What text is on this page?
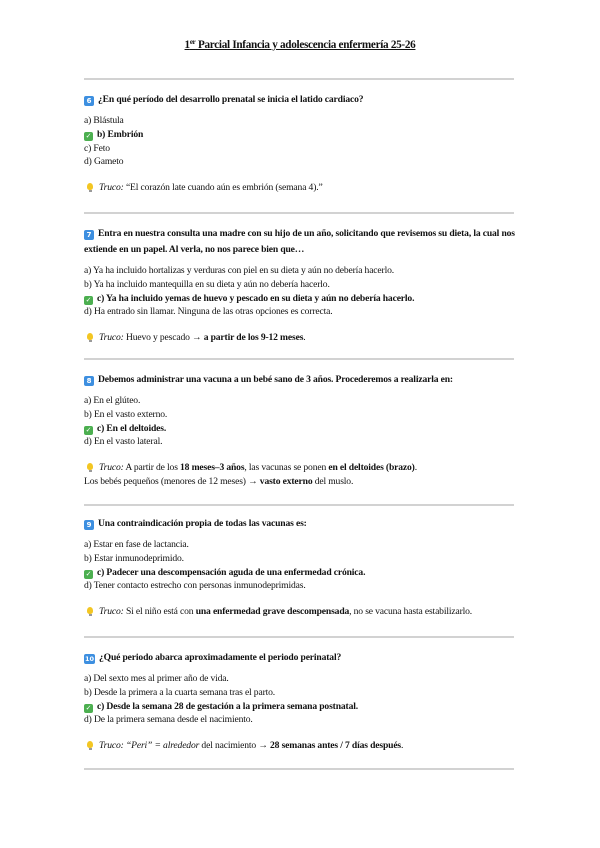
1er Parcial Infancia y adolescencia enfermería 25-26
6 ¿En qué período del desarrollo prenatal se inicia el latido cardiaco?
a) Blástula
✓ b) Embrión
c) Feto
d) Gameto
Truco: “El corazón late cuando aún es embrión (semana 4).”
7 Entra en nuestra consulta una madre con su hijo de un año, solicitando que revisemos su dieta, la cual nos extiende en un papel. Al verla, no nos parece bien que…
a) Ya ha incluido hortalizas y verduras con piel en su dieta y aún no debería hacerlo.
b) Ya ha incluido mantequilla en su dieta y aún no debería hacerlo.
✓ c) Ya ha incluido yemas de huevo y pescado en su dieta y aún no debería hacerlo.
d) Ha entrado sin llamar. Ninguna de las otras opciones es correcta.
Truco: Huevo y pescado → a partir de los 9-12 meses.
8 Debemos administrar una vacuna a un bebé sano de 3 años. Procederemos a realizarla en:
a) En el glúteo.
b) En el vasto externo.
✓ c) En el deltoides.
d) En el vasto lateral.
Truco: A partir de los 18 meses–3 años, las vacunas se ponen en el deltoides (brazo).
Los bebés pequeños (menores de 12 meses) → vasto externo del muslo.
9 Una contraindicación propia de todas las vacunas es:
a) Estar en fase de lactancia.
b) Estar inmunodeprimido.
✓ c) Padecer una descompensación aguda de una enfermedad crónica.
d) Tener contacto estrecho con personas inmunodeprimidas.
Truco: Si el niño está con una enfermedad grave descompensada, no se vacuna hasta estabilizarlo.
10 ¿Qué periodo abarca aproximadamente el periodo perinatal?
a) Del sexto mes al primer año de vida.
b) Desde la primera a la cuarta semana tras el parto.
✓ c) Desde la semana 28 de gestación a la primera semana postnatal.
d) De la primera semana desde el nacimiento.
Truco: “Peri” = alrededor del nacimiento → 28 semanas antes / 7 días después.
